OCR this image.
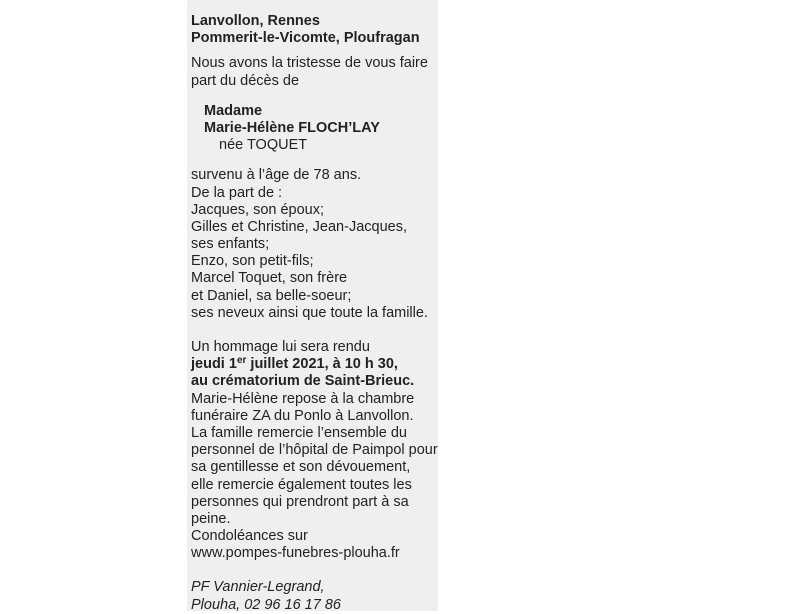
Lanvollon, Rennes
Pommerit-le-Vicomte, Ploufragan
Nous avons la tristesse de vous faire
part du décès de
Madame
Marie-Hélène FLOCH’LAY
née TOQUET
survenu à l’âge de 78 ans.
De la part de :
Jacques, son époux;
Gilles et Christine, Jean-Jacques,
ses enfants;
Enzo, son petit-fils;
Marcel Toquet, son frère
et Daniel, sa belle-soeur;
ses neveux ainsi que toute la famille.
Un hommage lui sera rendu
jeudi 1er juillet 2021, à 10 h 30,
au crématorium de Saint-Brieuc.
Marie-Hélène repose à la chambre
funéraire ZA du Ponlo à Lanvollon.
La famille remercie l’ensemble du
personnel de l’hôpital de Paimpol pour
sa gentillesse et son dévouement,
elle remercie également toutes les
personnes qui prendront part à sa
peine.
Condoléances sur
www.pompes-funebres-plouha.fr
PF Vannier-Legrand,
Plouha, 02 96 16 17 86
